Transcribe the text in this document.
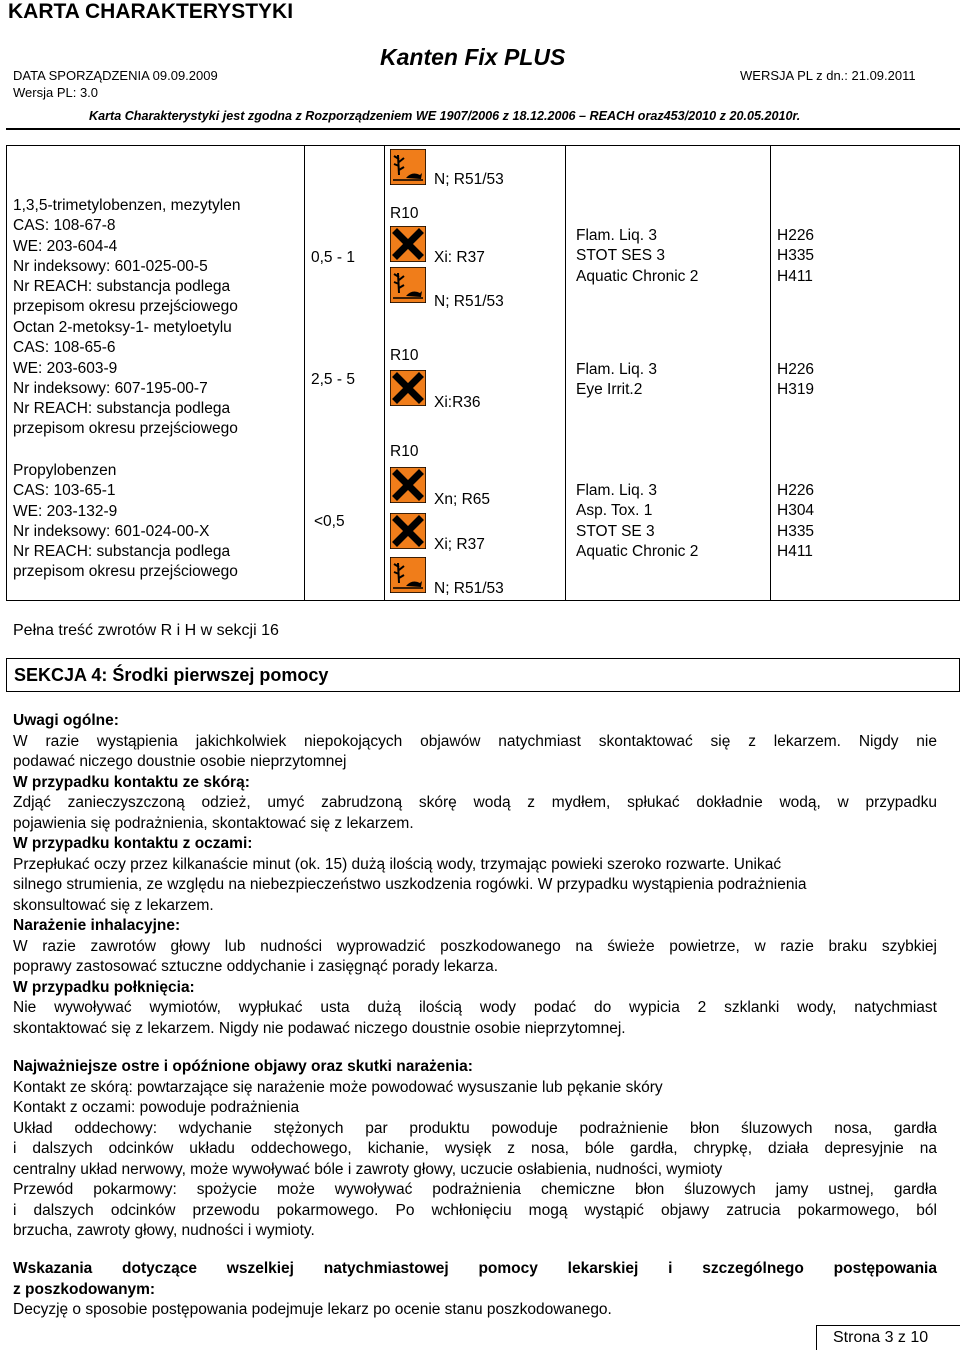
KARTA CHARAKTERYSTYKI
Kanten Fix PLUS
DATA SPORZĄDZENIA 09.09.2009	WERSJA PL z dn.: 21.09.2011
Wersja PL: 3.0
Karta Charakterystyki jest zgodna z Rozporządzeniem WE 1907/2006 z 18.12.2006 – REACH oraz453/2010 z 20.05.2010r.
1,3,5-trimetylobenzen, mezytylen
CAS: 108-67-8
WE: 203-604-4
Nr indeksowy: 601-025-00-5
Nr REACH: substancja podlega
przepisom okresu przejściowego
0,5 - 1
R10
N; R51/53
Xi: R37
N; R51/53
Flam. Liq. 3
STOT SES 3
Aquatic Chronic 2
H226
H335
H411
Octan 2-metoksy-1- metyloetylu
CAS: 108-65-6
WE: 203-603-9
Nr indeksowy: 607-195-00-7
Nr REACH: substancja podlega
przepisom okresu przejściowego
2,5 - 5
R10
Xi:R36
Flam. Liq. 3
Eye Irrit.2
H226
H319
Propylobenzen
CAS: 103-65-1
WE: 203-132-9
Nr indeksowy: 601-024-00-X
Nr REACH: substancja podlega
przepisom okresu przejściowego
<0,5
R10
Xn; R65
Xi; R37
N; R51/53
Flam. Liq. 3
Asp. Tox. 1
STOT SE 3
Aquatic Chronic 2
H226
H304
H335
H411
Pełna treść zwrotów R i H w sekcji 16
SEKCJA 4: Środki pierwszej pomocy

Uwagi ogólne:

W razie wystąpienia jakichkolwiek niepokojących objawów natychmiast skontaktować się z lekarzem. Nigdy nie

podawać niczego doustnie osobie nieprzytomnej

W przypadku kontaktu ze skórą:

Zdjąć zanieczyszczoną odzież, umyć zabrudzoną skórę wodą z mydłem, spłukać dokładnie wodą, w przypadku

pojawienia się podrażnienia, skontaktować się z lekarzem.

W przypadku kontaktu z oczami:

Przepłukać oczy przez kilkanaście minut (ok. 15) dużą ilością wody, trzymając powieki szeroko rozwarte. Unikać

silnego strumienia, ze względu na niebezpieczeństwo uszkodzenia rogówki. W przypadku wystąpienia podrażnienia

skonsultować się z lekarzem.

Narażenie inhalacyjne:

W razie zawrotów głowy lub nudności wyprowadzić poszkodowanego na świeże powietrze, w razie braku szybkiej

poprawy zastosować sztuczne oddychanie i zasięgnąć porady lekarza.

W przypadku połknięcia:

Nie wywoływać wymiotów, wypłukać usta dużą ilością wody podać do wypicia 2 szklanki wody, natychmiast

skontaktować się z lekarzem. Nigdy nie podawać niczego doustnie osobie nieprzytomnej.

Najważniejsze ostre i opóźnione objawy oraz skutki narażenia:

Kontakt ze skórą: powtarzające się narażenie może powodować wysuszanie lub pękanie skóry

Kontakt z oczami: powoduje podrażnienia

Układ oddechowy: wdychanie stężonych par produktu powoduje podrażnienie błon śluzowych nosa, gardła

i dalszych odcinków układu oddechowego, kichanie, wysięk z nosa, bóle gardła, chrypkę, działa depresyjnie na

centralny układ nerwowy, może wywoływać bóle i zawroty głowy, uczucie osłabienia, nudności, wymioty

Przewód pokarmowy: spożycie może wywoływać podrażnienia chemiczne błon śluzowych jamy ustnej, gardła

i dalszych odcinków przewodu pokarmowego. Po wchłonięciu mogą wystąpić objawy zatrucia pokarmowego, ból

brzucha, zawroty głowy, nudności i wymioty.

Wskazania dotyczące wszelkiej natychmiastowej pomocy lekarskiej i szczególnego postępowania

z poszkodowanym:

Decyzję o sposobie postępowania podejmuje lekarz po ocenie stanu poszkodowanego.

Strona 3 z 10
